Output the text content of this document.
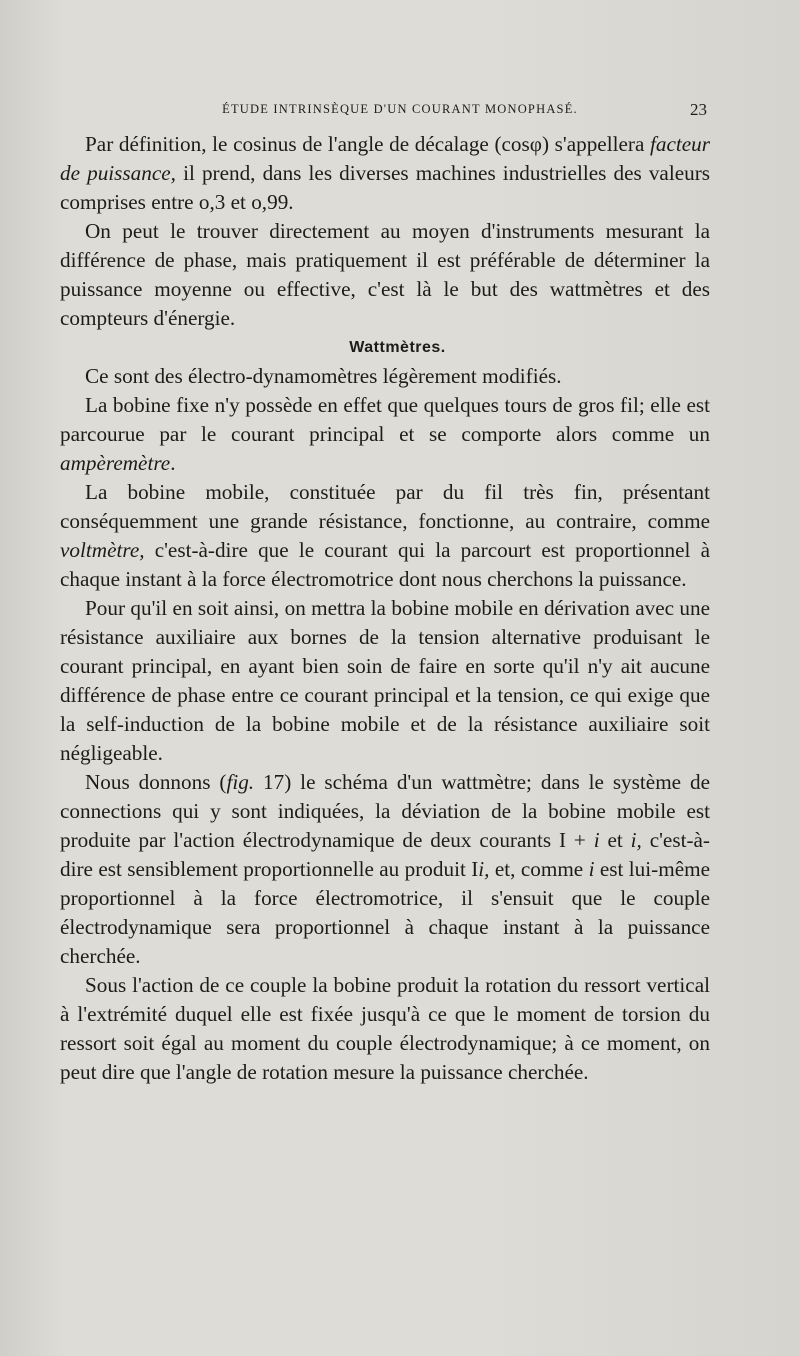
ÉTUDE INTRINSÈQUE D'UN COURANT MONOPHASÉ.	23

Par définition, le cosinus de l'angle de décalage (cosφ) s'appellera facteur de puissance, il prend, dans les diverses machines industrielles des valeurs comprises entre o,3 et o,99.

On peut le trouver directement au moyen d'instruments mesurant la différence de phase, mais pratiquement il est préférable de déterminer la puissance moyenne ou effective, c'est là le but des wattmètres et des compteurs d'énergie.

Wattmètres.

Ce sont des électro-dynamomètres légèrement modifiés.

La bobine fixe n'y possède en effet que quelques tours de gros fil; elle est parcourue par le courant principal et se comporte alors comme un ampèremètre.

La bobine mobile, constituée par du fil très fin, présentant conséquemment une grande résistance, fonctionne, au contraire, comme voltmètre, c'est-à-dire que le courant qui la parcourt est proportionnel à chaque instant à la force électromotrice dont nous cherchons la puissance.

Pour qu'il en soit ainsi, on mettra la bobine mobile en dérivation avec une résistance auxiliaire aux bornes de la tension alternative produisant le courant principal, en ayant bien soin de faire en sorte qu'il n'y ait aucune différence de phase entre ce courant principal et la tension, ce qui exige que la self-induction de la bobine mobile et de la résistance auxiliaire soit négligeable.

Nous donnons (fig. 17) le schéma d'un wattmètre; dans le système de connections qui y sont indiquées, la déviation de la bobine mobile est produite par l'action électrodynamique de deux courants I + i et i, c'est-à-dire est sensiblement proportionnelle au produit Ii, et, comme i est lui-même proportionnel à la force électromotrice, il s'ensuit que le couple électrodynamique sera proportionnel à chaque instant à la puissance cherchée.

Sous l'action de ce couple la bobine produit la rotation du ressort vertical à l'extrémité duquel elle est fixée jusqu'à ce que le moment de torsion du ressort soit égal au moment du couple électrodynamique; à ce moment, on peut dire que l'angle de rotation mesure la puissance cherchée.
